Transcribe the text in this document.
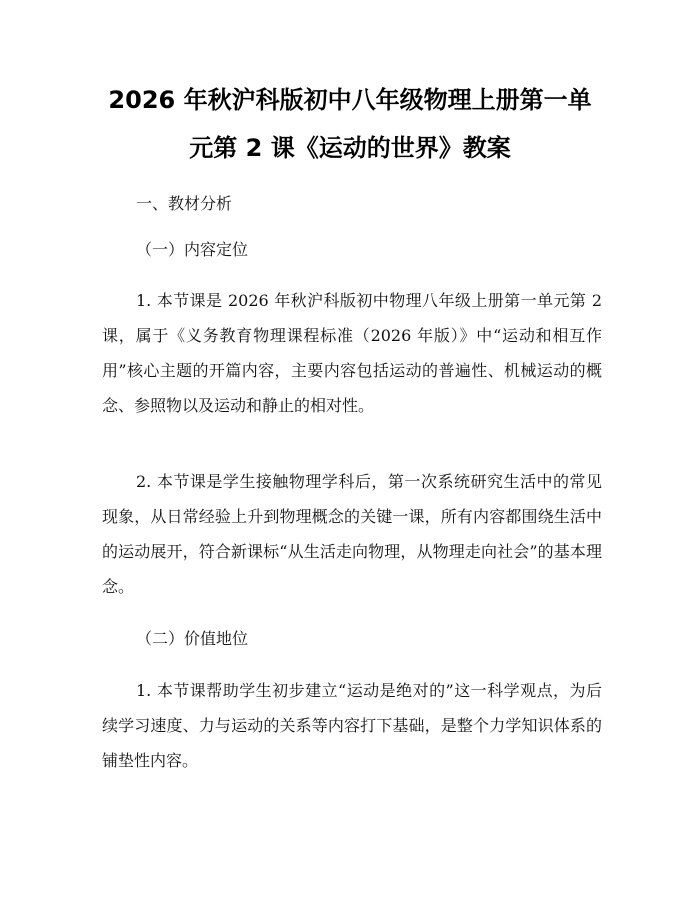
2026 年秋沪科版初中八年级物理上册第一单
元第 2 课《运动的世界》教案
一、教材分析
（一）内容定位
1. 本节课是 2026 年秋沪科版初中物理八年级上册第一单元第 2 课，属于《义务教育物理课程标准（2026 年版）》中“运动和相互作用”核心主题的开篇内容，主要内容包括运动的普遍性、机械运动的概念、参照物以及运动和静止的相对性。
2. 本节课是学生接触物理学科后，第一次系统研究生活中的常见现象，从日常经验上升到物理概念的关键一课，所有内容都围绕生活中的运动展开，符合新课标“从生活走向物理，从物理走向社会”的基本理念。
（二）价值地位
1. 本节课帮助学生初步建立“运动是绝对的”这一科学观点，为后续学习速度、力与运动的关系等内容打下基础，是整个力学知识体系的铺垫性内容。
